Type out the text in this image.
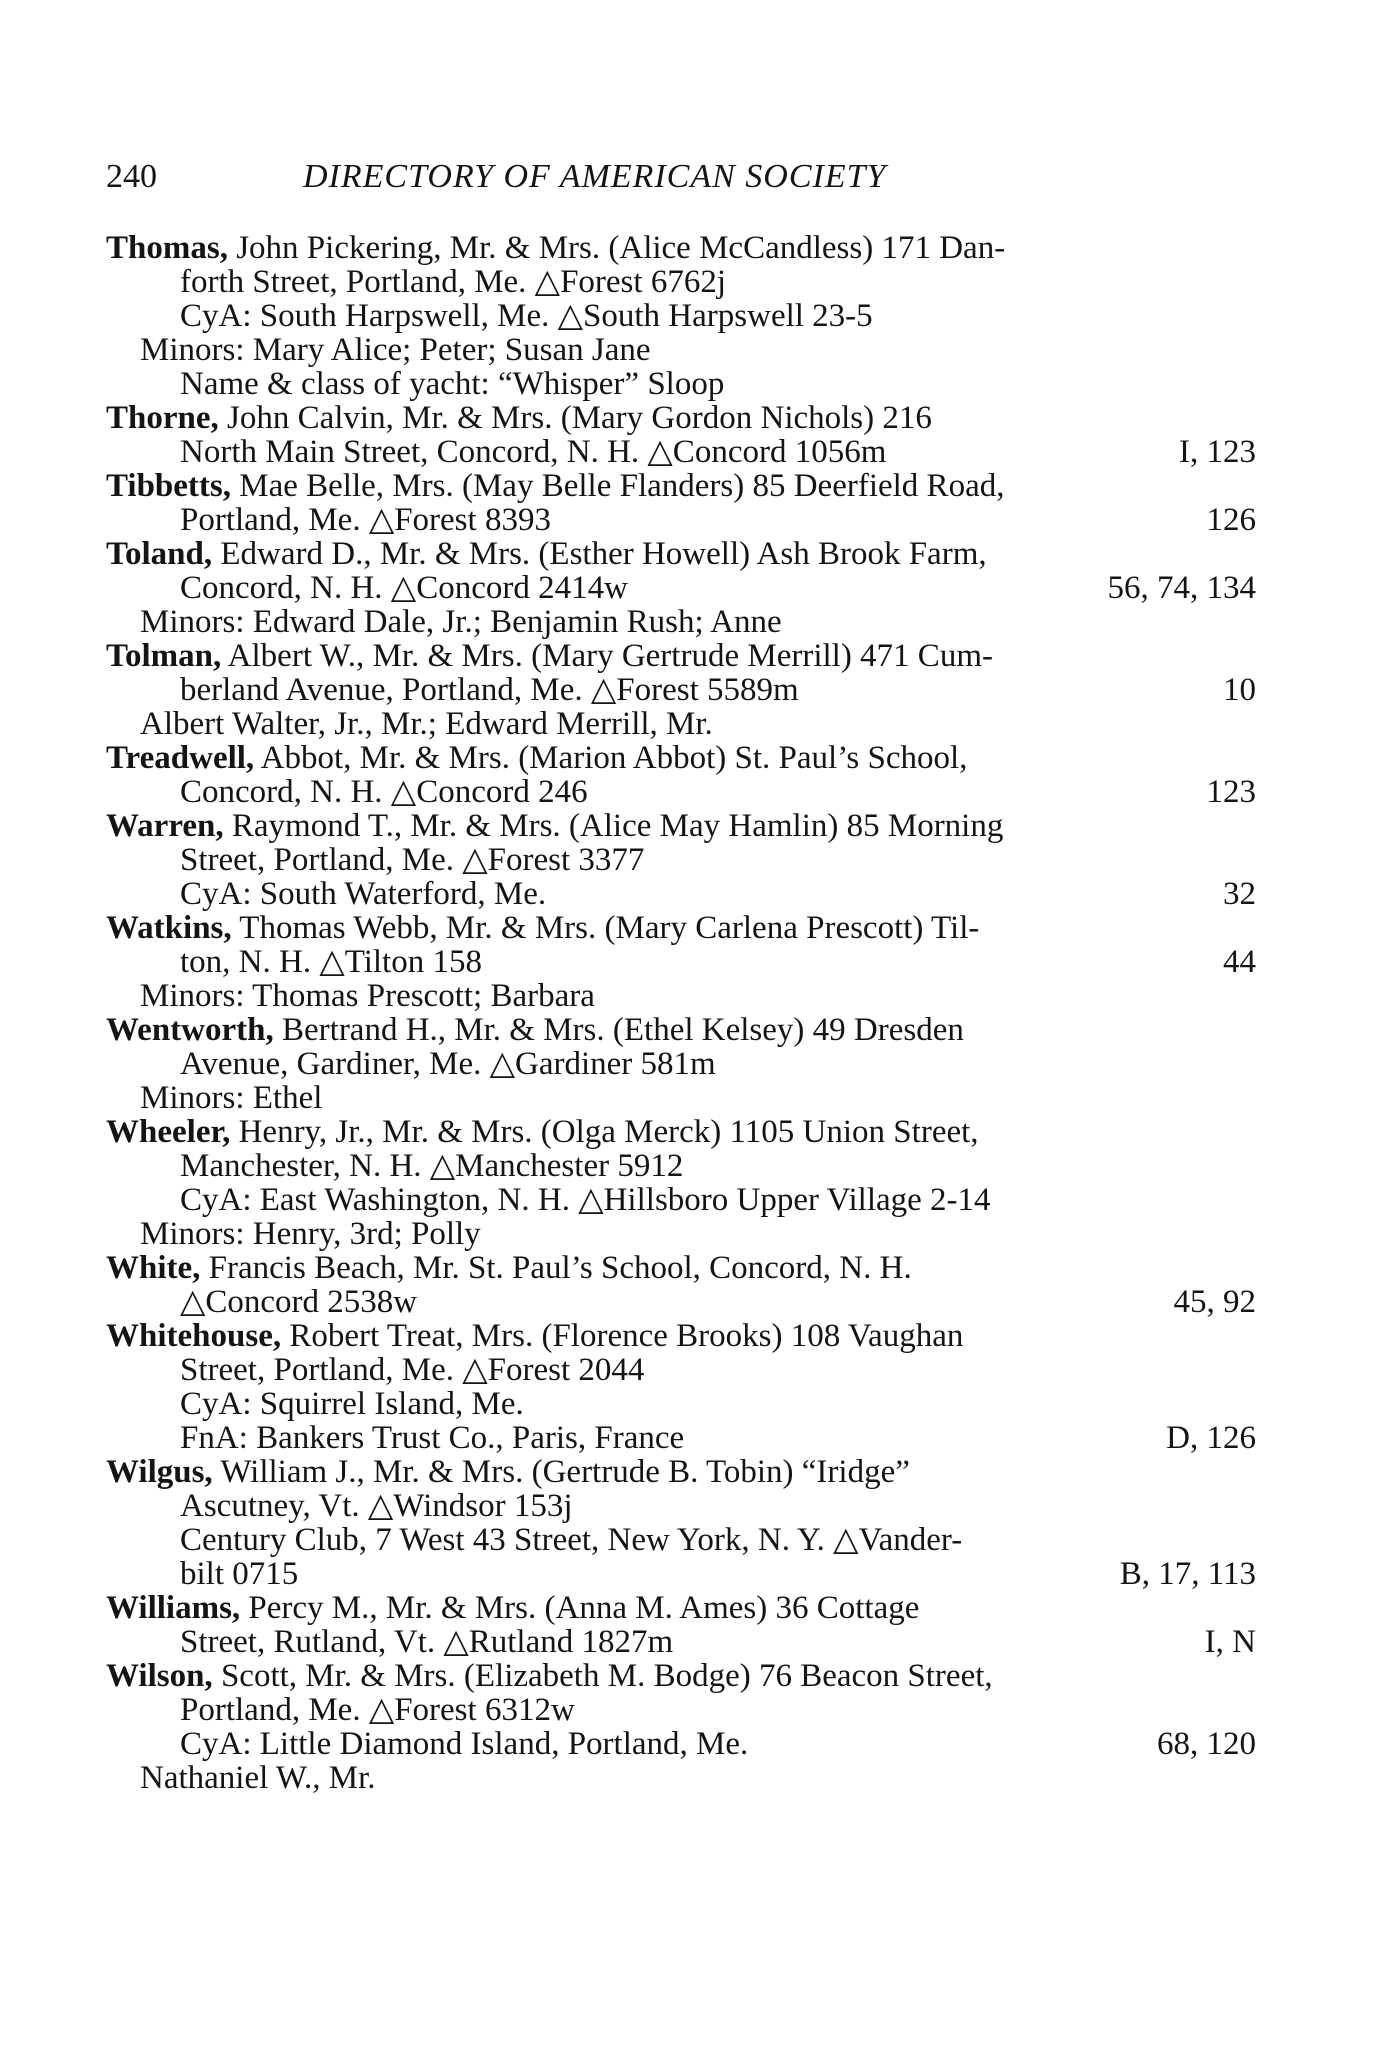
240	DIRECTORY OF AMERICAN SOCIETY
Thomas, John Pickering, Mr. & Mrs. (Alice McCandless) 171 Dan-
forth Street, Portland, Me. △Forest 6762j
CyA: South Harpswell, Me. △South Harpswell 23-5
Minors: Mary Alice; Peter; Susan Jane
Name & class of yacht: “Whisper” Sloop
Thorne, John Calvin, Mr. & Mrs. (Mary Gordon Nichols) 216
North Main Street, Concord, N. H. △Concord 1056m	I, 123
Tibbetts, Mae Belle, Mrs. (May Belle Flanders) 85 Deerfield Road,
Portland, Me. △Forest 8393	126
Toland, Edward D., Mr. & Mrs. (Esther Howell) Ash Brook Farm,
Concord, N. H. △Concord 2414w	56, 74, 134
Minors: Edward Dale, Jr.; Benjamin Rush; Anne
Tolman, Albert W., Mr. & Mrs. (Mary Gertrude Merrill) 471 Cum-
berland Avenue, Portland, Me. △Forest 5589m	10
Albert Walter, Jr., Mr.; Edward Merrill, Mr.
Treadwell, Abbot, Mr. & Mrs. (Marion Abbot) St. Paul’s School,
Concord, N. H. △Concord 246	123
Warren, Raymond T., Mr. & Mrs. (Alice May Hamlin) 85 Morning
Street, Portland, Me. △Forest 3377
CyA: South Waterford, Me.	32
Watkins, Thomas Webb, Mr. & Mrs. (Mary Carlena Prescott) Til-
ton, N. H. △Tilton 158	44
Minors: Thomas Prescott; Barbara
Wentworth, Bertrand H., Mr. & Mrs. (Ethel Kelsey) 49 Dresden
Avenue, Gardiner, Me. △Gardiner 581m
Minors: Ethel
Wheeler, Henry, Jr., Mr. & Mrs. (Olga Merck) 1105 Union Street,
Manchester, N. H. △Manchester 5912
CyA: East Washington, N. H. △Hillsboro Upper Village 2-14
Minors: Henry, 3rd; Polly
White, Francis Beach, Mr. St. Paul’s School, Concord, N. H.
△Concord 2538w	45, 92
Whitehouse, Robert Treat, Mrs. (Florence Brooks) 108 Vaughan
Street, Portland, Me. △Forest 2044
CyA: Squirrel Island, Me.
FnA: Bankers Trust Co., Paris, France	D, 126
Wilgus, William J., Mr. & Mrs. (Gertrude B. Tobin) “Iridge”
Ascutney, Vt. △Windsor 153j
Century Club, 7 West 43 Street, New York, N. Y. △Vander-
bilt 0715	B, 17, 113
Williams, Percy M., Mr. & Mrs. (Anna M. Ames) 36 Cottage
Street, Rutland, Vt. △Rutland 1827m	I, N
Wilson, Scott, Mr. & Mrs. (Elizabeth M. Bodge) 76 Beacon Street,
Portland, Me. △Forest 6312w
CyA: Little Diamond Island, Portland, Me.	68, 120
Nathaniel W., Mr.
